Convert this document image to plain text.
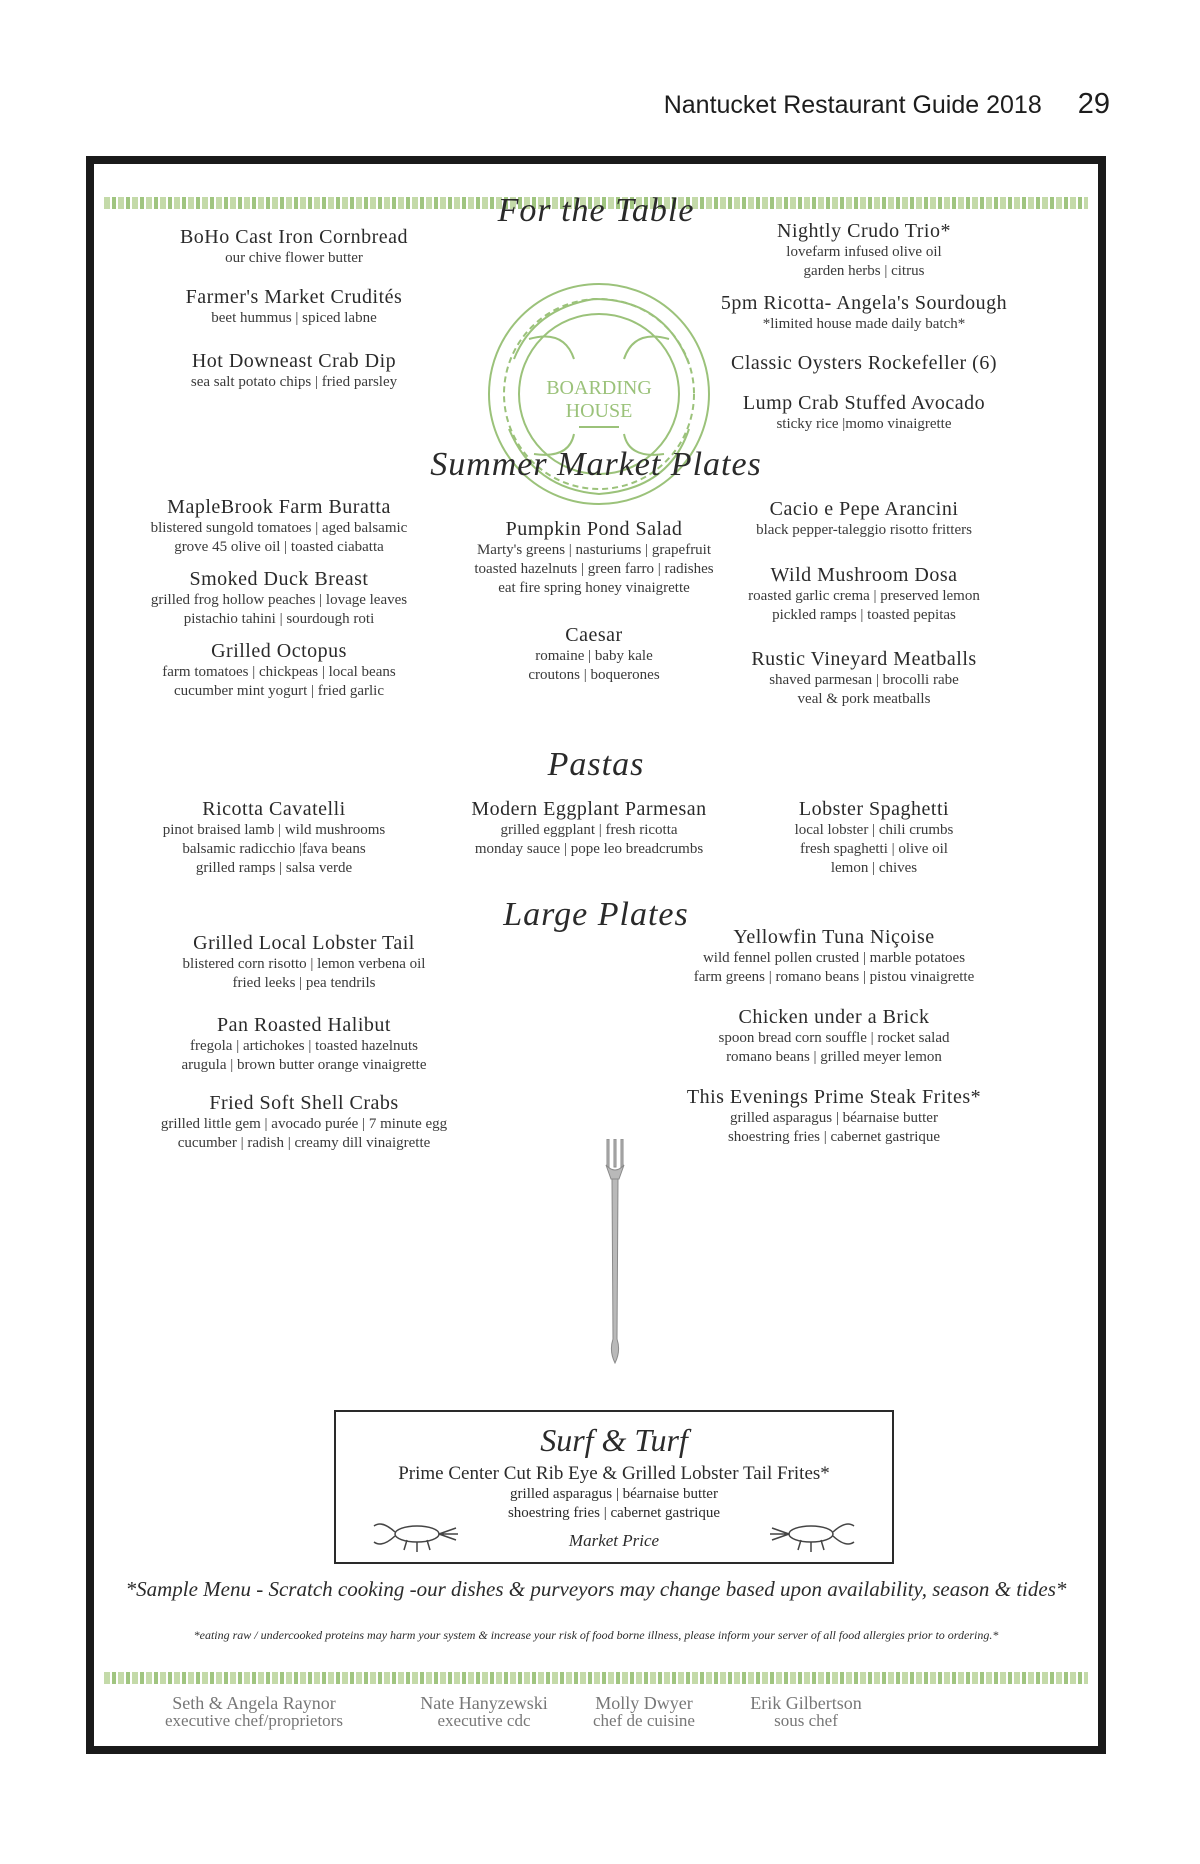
Nantucket Restaurant Guide 2018 29
For the Table
BOARDING
HOUSE
BoHo Cast Iron Cornbread
our chive flower butter
Farmer's Market Crudités
beet hummus | spiced labne
Hot Downeast Crab Dip
sea salt potato chips | fried parsley
Nightly Crudo Trio*
lovefarm infused olive oil
garden herbs | citrus
5pm Ricotta- Angela's Sourdough
*limited house made daily batch*
Classic Oysters Rockefeller (6)
Lump Crab Stuffed Avocado
sticky rice |momo vinaigrette
Summer Market Plates
MapleBrook Farm Buratta
blistered sungold tomatoes | aged balsamic
grove 45 olive oil | toasted ciabatta
Smoked Duck Breast
grilled frog hollow peaches | lovage leaves
pistachio tahini | sourdough roti
Grilled Octopus
farm tomatoes | chickpeas | local beans
cucumber mint yogurt | fried garlic
Pumpkin Pond Salad
Marty's greens | nasturiums | grapefruit
toasted hazelnuts | green farro | radishes
eat fire spring honey vinaigrette
Caesar
romaine | baby kale
croutons | boquerones
Cacio e Pepe Arancini
black pepper-taleggio risotto fritters
Wild Mushroom Dosa
roasted garlic crema | preserved lemon
pickled ramps | toasted pepitas
Rustic Vineyard Meatballs
shaved parmesan | brocolli rabe
veal & pork meatballs
Pastas
Ricotta Cavatelli
pinot braised lamb | wild mushrooms
balsamic radicchio |fava beans
grilled ramps | salsa verde
Modern Eggplant Parmesan
grilled eggplant | fresh ricotta
monday sauce | pope leo breadcrumbs
Lobster Spaghetti
local lobster | chili crumbs
fresh spaghetti | olive oil
lemon | chives
Large Plates
Grilled Local Lobster Tail
blistered corn risotto | lemon verbena oil
fried leeks | pea tendrils
Pan Roasted Halibut
fregola | artichokes | toasted hazelnuts
arugula | brown butter orange vinaigrette
Fried Soft Shell Crabs
grilled little gem | avocado purée | 7 minute egg
cucumber | radish | creamy dill vinaigrette
Yellowfin Tuna Niçoise
wild fennel pollen crusted | marble potatoes
farm greens | romano beans | pistou vinaigrette
Chicken under a Brick
spoon bread corn souffle | rocket salad
romano beans | grilled meyer lemon
This Evenings Prime Steak Frites*
grilled asparagus | béarnaise butter
shoestring fries | cabernet gastrique
Surf & Turf
Prime Center Cut Rib Eye & Grilled Lobster Tail Frites*
grilled asparagus | béarnaise butter
shoestring fries | cabernet gastrique
Market Price
*Sample Menu - Scratch cooking -our dishes & purveyors may change based upon availability, season & tides*
*eating raw / undercooked proteins may harm your system & increase your risk of food borne illness, please inform your server of all food allergies prior to ordering.*
Seth & Angela Raynor
executive chef/proprietors
Nate Hanyzewski
executive cdc
Molly Dwyer
chef de cuisine
Erik Gilbertson
sous chef
